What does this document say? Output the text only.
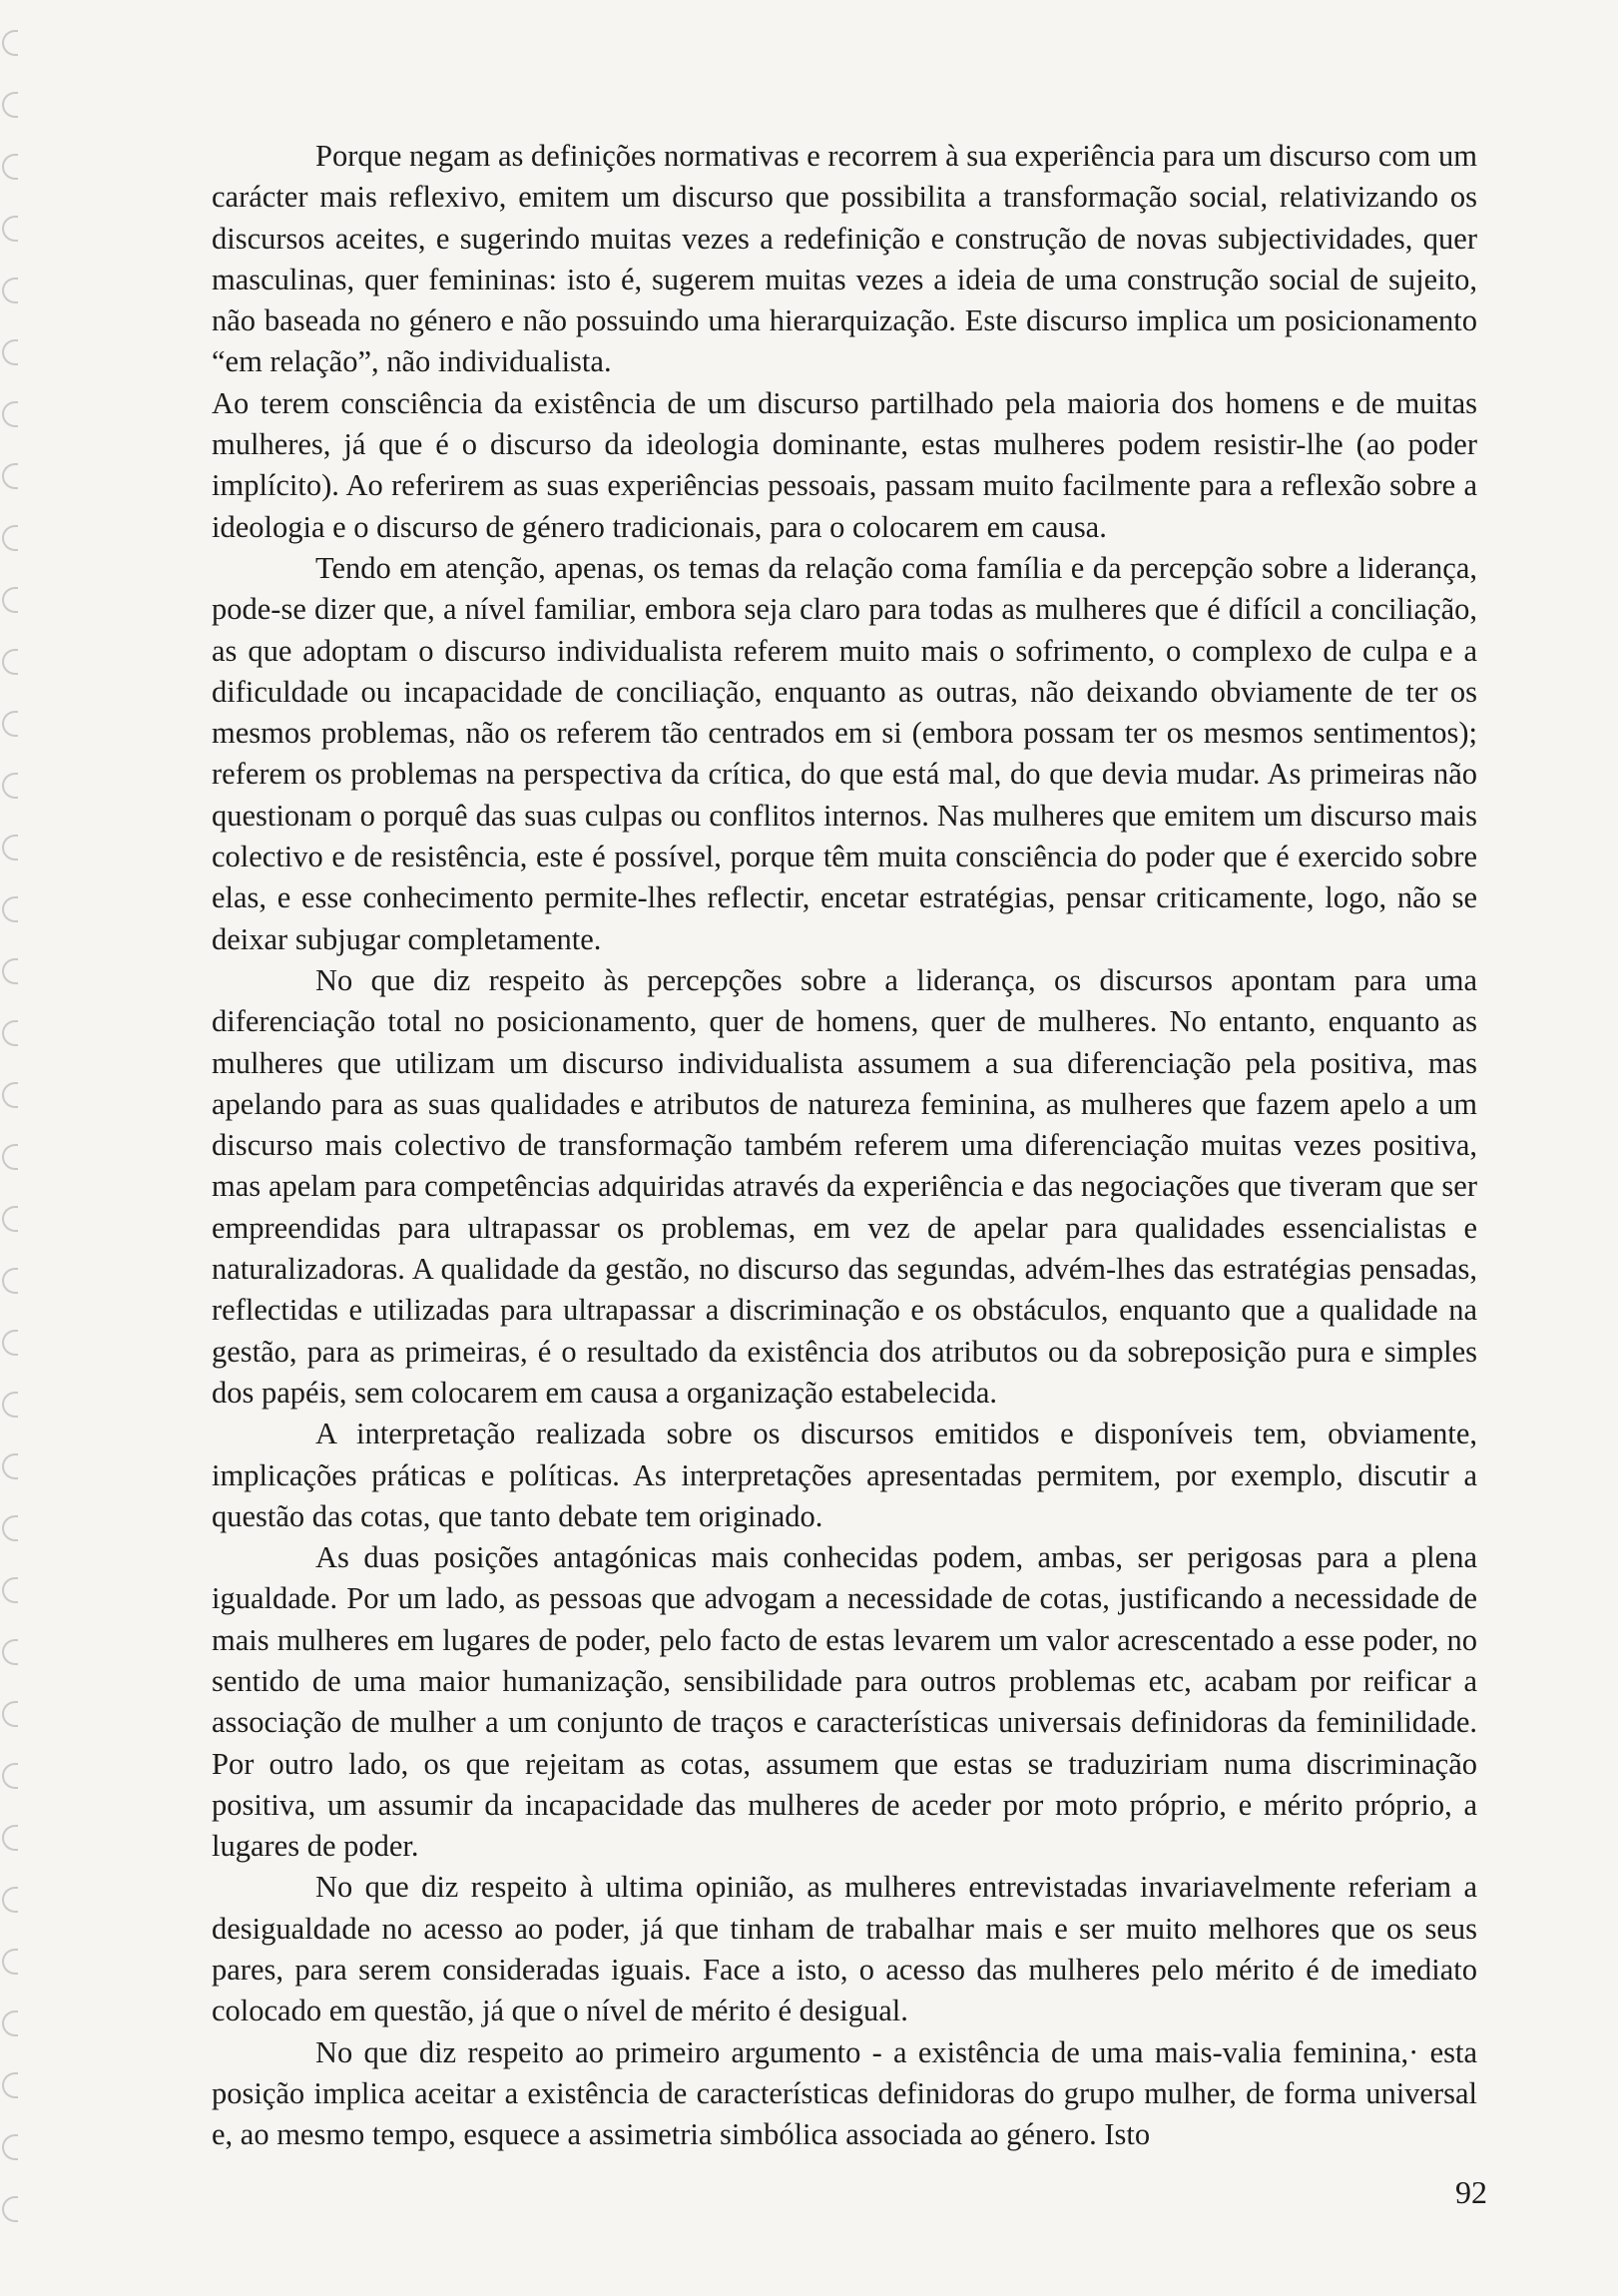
Porque negam as definições normativas e recorrem à sua experiência para um discurso com um carácter mais reflexivo, emitem um discurso que possibilita a transformação social, relativizando os discursos aceites, e sugerindo muitas vezes a redefinição e construção de novas subjectividades, quer masculinas, quer femininas: isto é, sugerem muitas vezes a ideia de uma construção social de sujeito, não baseada no género e não possuindo uma hierarquização. Este discurso implica um posicionamento “em relação”, não individualista.

Ao terem consciência da existência de um discurso partilhado pela maioria dos homens e de muitas mulheres, já que é o discurso da ideologia dominante, estas mulheres podem resistir-lhe (ao poder implícito). Ao referirem as suas experiências pessoais, passam muito facilmente para a reflexão sobre a ideologia e o discurso de género tradicionais, para o colocarem em causa.

Tendo em atenção, apenas, os temas da relação coma família e da percepção sobre a liderança, pode-se dizer que, a nível familiar, embora seja claro para todas as mulheres que é difícil a conciliação, as que adoptam o discurso individualista referem muito mais o sofrimento, o complexo de culpa e a dificuldade ou incapacidade de conciliação, enquanto as outras, não deixando obviamente de ter os mesmos problemas, não os referem tão centrados em si (embora possam ter os mesmos sentimentos); referem os problemas na perspectiva da crítica, do que está mal, do que devia mudar. As primeiras não questionam o porquê das suas culpas ou conflitos internos. Nas mulheres que emitem um discurso mais colectivo e de resistência, este é possível, porque têm muita consciência do poder que é exercido sobre elas, e esse conhecimento permite-lhes reflectir, encetar estratégias, pensar criticamente, logo, não se deixar subjugar completamente.

No que diz respeito às percepções sobre a liderança, os discursos apontam para uma diferenciação total no posicionamento, quer de homens, quer de mulheres. No entanto, enquanto as mulheres que utilizam um discurso individualista assumem a sua diferenciação pela positiva, mas apelando para as suas qualidades e atributos de natureza feminina, as mulheres que fazem apelo a um discurso mais colectivo de transformação também referem uma diferenciação muitas vezes positiva, mas apelam para competências adquiridas através da experiência e das negociações que tiveram que ser empreendidas para ultrapassar os problemas, em vez de apelar para qualidades essencialistas e naturalizadoras. A qualidade da gestão, no discurso das segundas, advém-lhes das estratégias pensadas, reflectidas e utilizadas para ultrapassar a discriminação e os obstáculos, enquanto que a qualidade na gestão, para as primeiras, é o resultado da existência dos atributos ou da sobreposição pura e simples dos papéis, sem colocarem em causa a organização estabelecida.

A interpretação realizada sobre os discursos emitidos e disponíveis tem, obviamente, implicações práticas e políticas. As interpretações apresentadas permitem, por exemplo, discutir a questão das cotas, que tanto debate tem originado.

As duas posições antagónicas mais conhecidas podem, ambas, ser perigosas para a plena igualdade. Por um lado, as pessoas que advogam a necessidade de cotas, justificando a necessidade de mais mulheres em lugares de poder, pelo facto de estas levarem um valor acrescentado a esse poder, no sentido de uma maior humanização, sensibilidade para outros problemas etc, acabam por reificar a associação de mulher a um conjunto de traços e características universais definidoras da feminilidade. Por outro lado, os que rejeitam as cotas, assumem que estas se traduziriam numa discriminação positiva, um assumir da incapacidade das mulheres de aceder por moto próprio, e mérito próprio, a lugares de poder.

No que diz respeito à ultima opinião, as mulheres entrevistadas invariavelmente referiam a desigualdade no acesso ao poder, já que tinham de trabalhar mais e ser muito melhores que os seus pares, para serem consideradas iguais. Face a isto, o acesso das mulheres pelo mérito é de imediato colocado em questão, já que o nível de mérito é desigual.

No que diz respeito ao primeiro argumento - a existência de uma mais-valia feminina,· esta posição implica aceitar a existência de características definidoras do grupo mulher, de forma universal e, ao mesmo tempo, esquece a assimetria simbólica associada ao género. Isto

92
